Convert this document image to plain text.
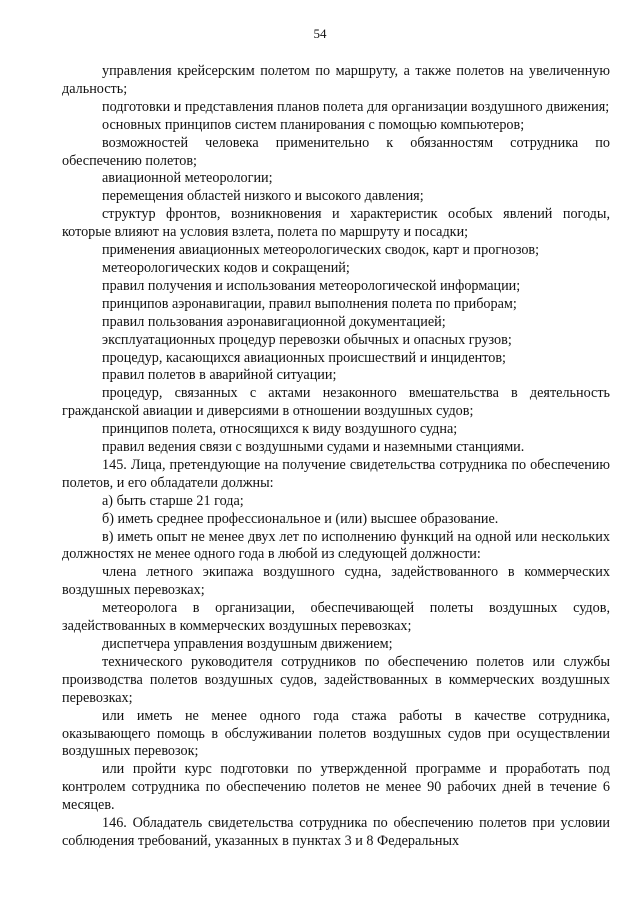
54

управления крейсерским полетом по маршруту, а также полетов на увеличенную дальность;

подготовки и представления планов полета для организации воздушного движения;

основных принципов систем планирования с помощью компьютеров;

возможностей человека применительно к обязанностям сотрудника по обеспечению полетов;

авиационной метеорологии;

перемещения областей низкого и высокого давления;

структур фронтов, возникновения и характеристик особых явлений погоды, которые влияют на условия взлета, полета по маршруту и посадки;

применения авиационных метеорологических сводок, карт и прогнозов;

метеорологических кодов и сокращений;

правил получения и использования метеорологической информации;

принципов аэронавигации, правил выполнения полета по приборам;

правил пользования аэронавигационной документацией;

эксплуатационных процедур перевозки обычных и опасных грузов;

процедур, касающихся авиационных происшествий и инцидентов;

правил полетов в аварийной ситуации;

процедур, связанных с актами незаконного вмешательства в деятельность гражданской авиации и диверсиями в отношении воздушных судов;

принципов полета, относящихся к виду воздушного судна;

правил ведения связи с воздушными судами и наземными станциями.

145. Лица, претендующие на получение свидетельства сотрудника по обеспечению полетов, и его обладатели должны:

а) быть старше 21 года;

б) иметь среднее профессиональное и (или) высшее образование.

в) иметь опыт не менее двух лет по исполнению функций на одной или нескольких должностях не менее одного года в любой из следующей должности:

члена летного экипажа воздушного судна, задействованного в коммерческих воздушных перевозках;

метеоролога в организации, обеспечивающей полеты воздушных судов, задействованных в коммерческих воздушных перевозках;

диспетчера управления воздушным движением;

технического руководителя сотрудников по обеспечению полетов или службы производства полетов воздушных судов, задействованных в коммерческих воздушных перевозках;

или иметь не менее одного года стажа работы в качестве сотрудника, оказывающего помощь в обслуживании полетов воздушных судов при осуществлении воздушных перевозок;

или пройти курс подготовки по утвержденной программе и проработать под контролем сотрудника по обеспечению полетов не менее 90 рабочих дней в течение 6 месяцев.

146. Обладатель свидетельства сотрудника по обеспечению полетов при условии соблюдения требований, указанных в пунктах 3 и 8 Федеральных
